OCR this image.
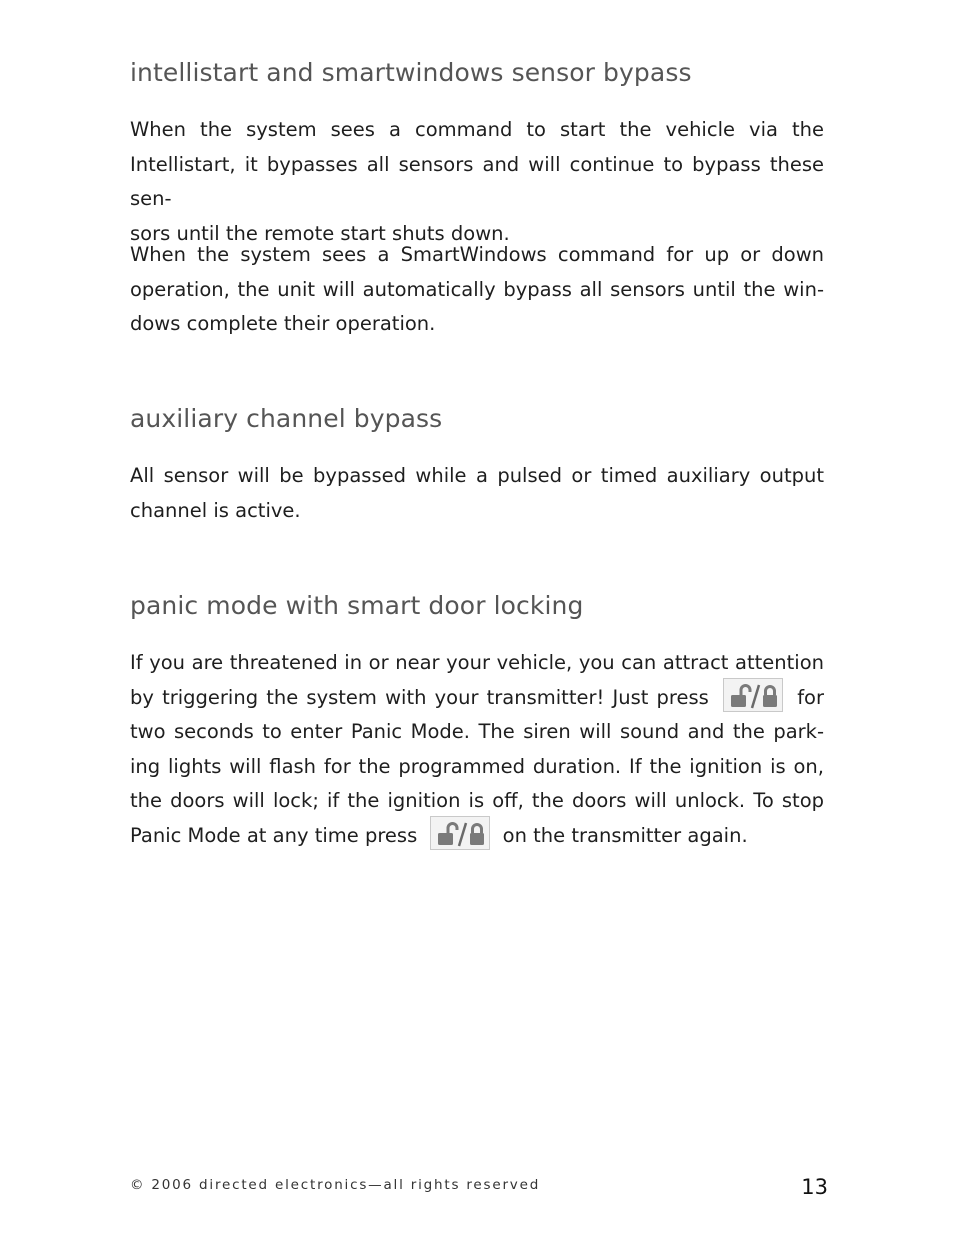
intellistart and smartwindows sensor bypass
When the system sees a command to start the vehicle via the
Intellistart, it bypasses all sensors and will continue to bypass these sen-
sors until the remote start shuts down.
When the system sees a SmartWindows command for up or down
operation, the unit will automatically bypass all sensors until the win-
dows complete their operation.
auxiliary channel bypass
All sensor will be bypassed while a pulsed or timed auxiliary output
channel is active.
panic mode with smart door locking
If you are threatened in or near your vehicle, you can attract attention
by triggering the system with your transmitter! Just press	for
two seconds to enter Panic Mode. The siren will sound and the park-
ing lights will flash for the programmed duration. If the ignition is on,
the doors will lock; if the ignition is off, the doors will unlock. To stop
Panic Mode at any time press	on the transmitter again.
© 2006 directed electronics—all rights reserved	13
